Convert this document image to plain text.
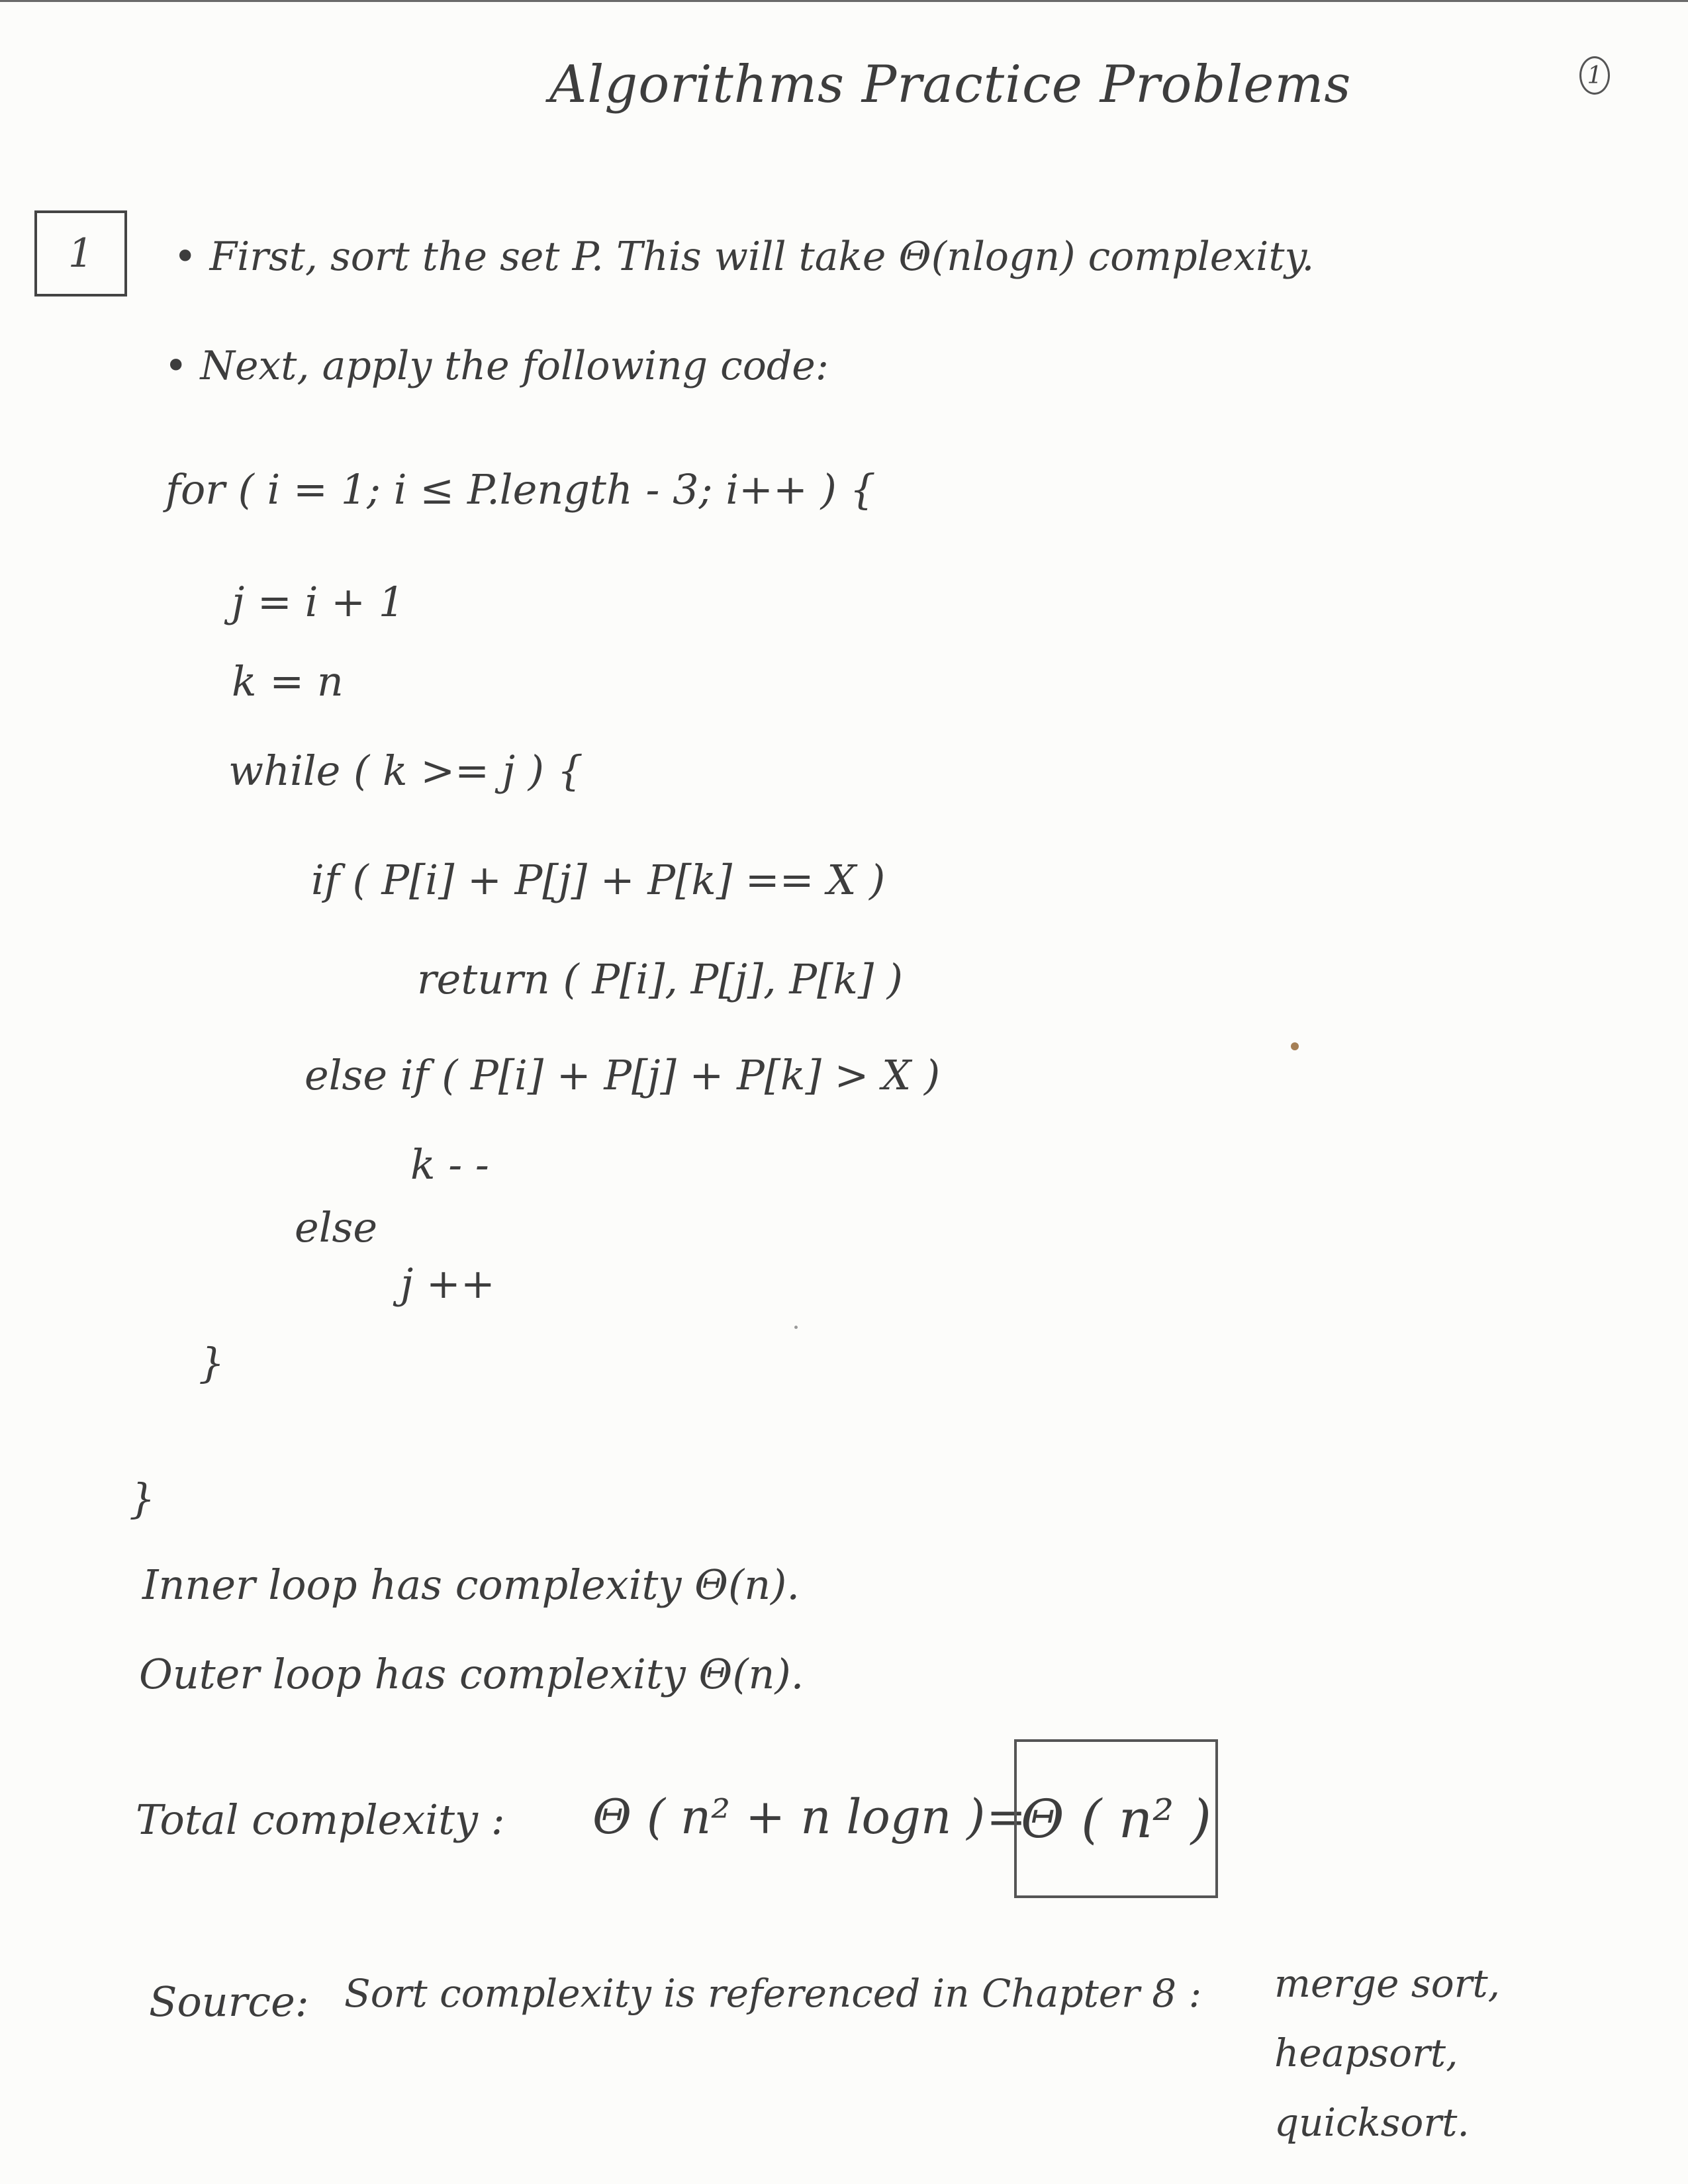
Algorithms Practice Problems	1
1	• First, sort the set P. This will take Θ(nlogn) complexity.
• Next, apply the following code:
for ( i = 1; i ≤ P.length - 3; i++ ) {
j = i + 1
k = n
while ( k >= j ) {
if ( P[i] + P[j] + P[k] == X )
return ( P[i], P[j], P[k] )
else if ( P[i] + P[j] + P[k] > X )
k - -
else
j ++
}
}
Inner loop has complexity Θ(n).
Outer loop has complexity Θ(n).
Total complexity : Θ ( n² + n logn ) =
Θ ( n² )
Source: Sort complexity is referenced in Chapter 8 : merge sort,
heapsort,
quicksort.
